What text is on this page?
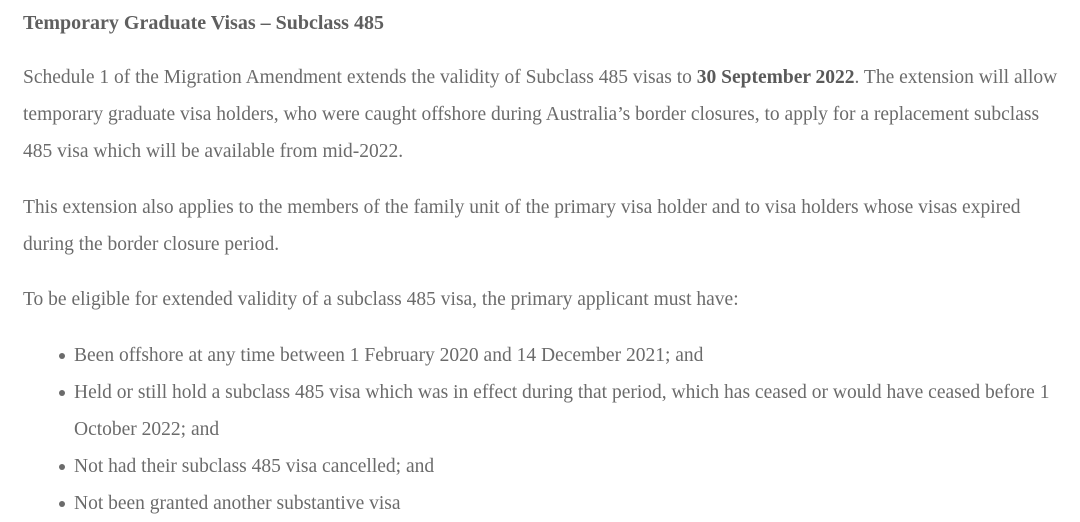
Temporary Graduate Visas – Subclass 485

Schedule 1 of the Migration Amendment extends the validity of Subclass 485 visas to 30 September 2022. The extension will allow temporary graduate visa holders, who were caught offshore during Australia’s border closures, to apply for a replacement subclass 485 visa which will be available from mid-2022.

This extension also applies to the members of the family unit of the primary visa holder and to visa holders whose visas expired during the border closure period.

To be eligible for extended validity of a subclass 485 visa, the primary applicant must have:

Been offshore at any time between 1 February 2020 and 14 December 2021; and
Held or still hold a subclass 485 visa which was in effect during that period, which has ceased or would have ceased before 1 October 2022; and
Not had their subclass 485 visa cancelled; and
Not been granted another substantive visa
